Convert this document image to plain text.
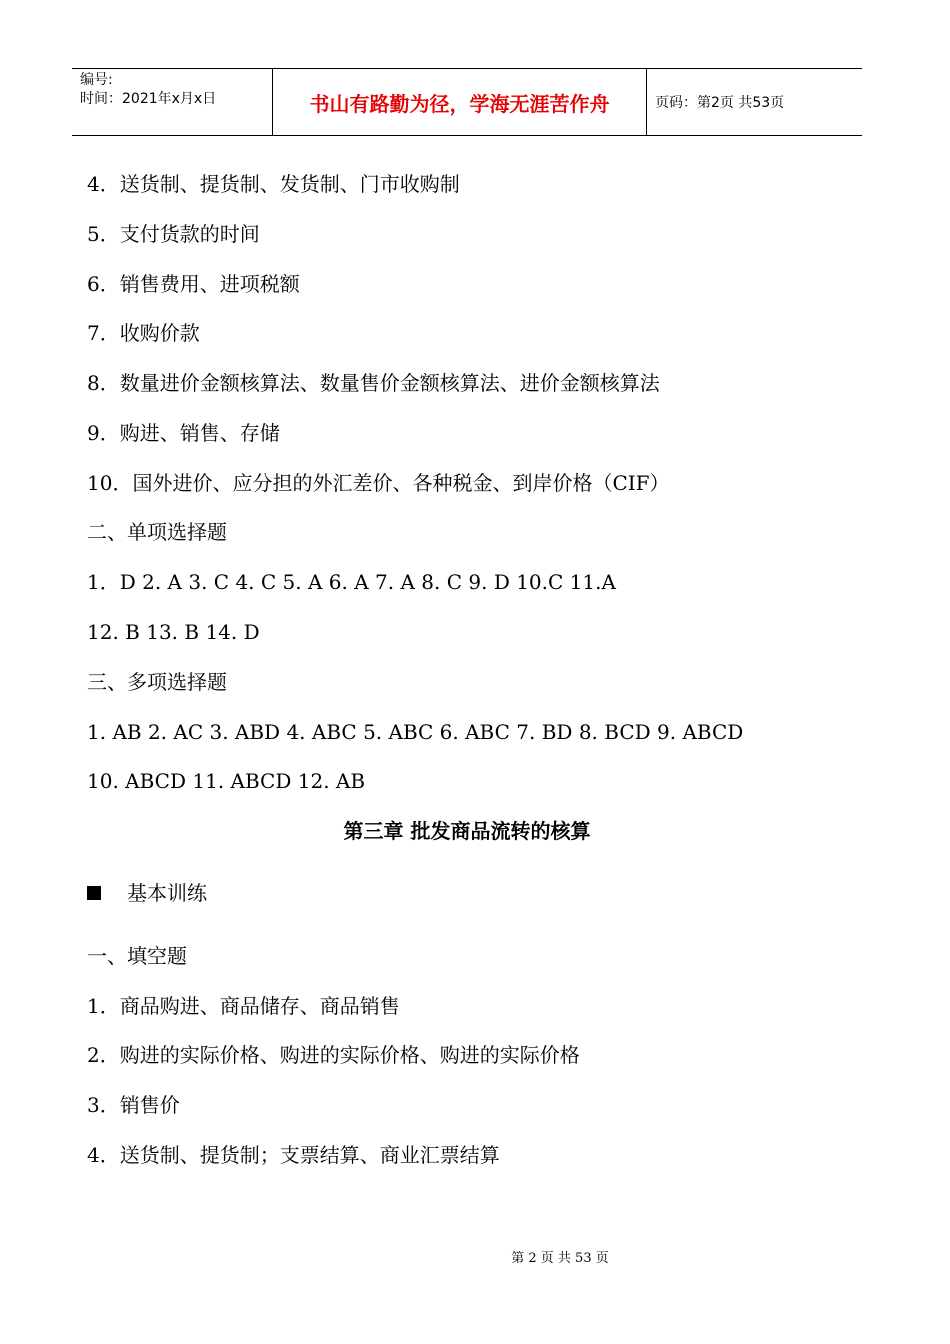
编号:
时间：2021年x月x日	书山有路勤为径，学海无涯苦作舟	页码：第2页 共53页
4．送货制、提货制、发货制、门市收购制
5．支付货款的时间
6．销售费用、进项税额
7．收购价款
8．数量进价金额核算法、数量售价金额核算法、进价金额核算法
9．购进、销售、存储
10．国外进价、应分担的外汇差价、各种税金、到岸价格（CIF）
二、单项选择题
1．D 2. A 3. C 4. C 5. A 6. A 7. A 8. C 9. D 10.C 11.A
12. B 13. B 14. D
三、多项选择题
1. AB 2. AC 3. ABD 4. ABC 5. ABC 6. ABC 7. BD 8. BCD 9. ABCD
10. ABCD 11. ABCD 12. AB
第三章 批发商品流转的核算
基本训练
一、填空题
1．商品购进、商品储存、商品销售
2．购进的实际价格、购进的实际价格、购进的实际价格
3．销售价
4．送货制、提货制；支票结算、商业汇票结算
第 2 页 共 53 页
